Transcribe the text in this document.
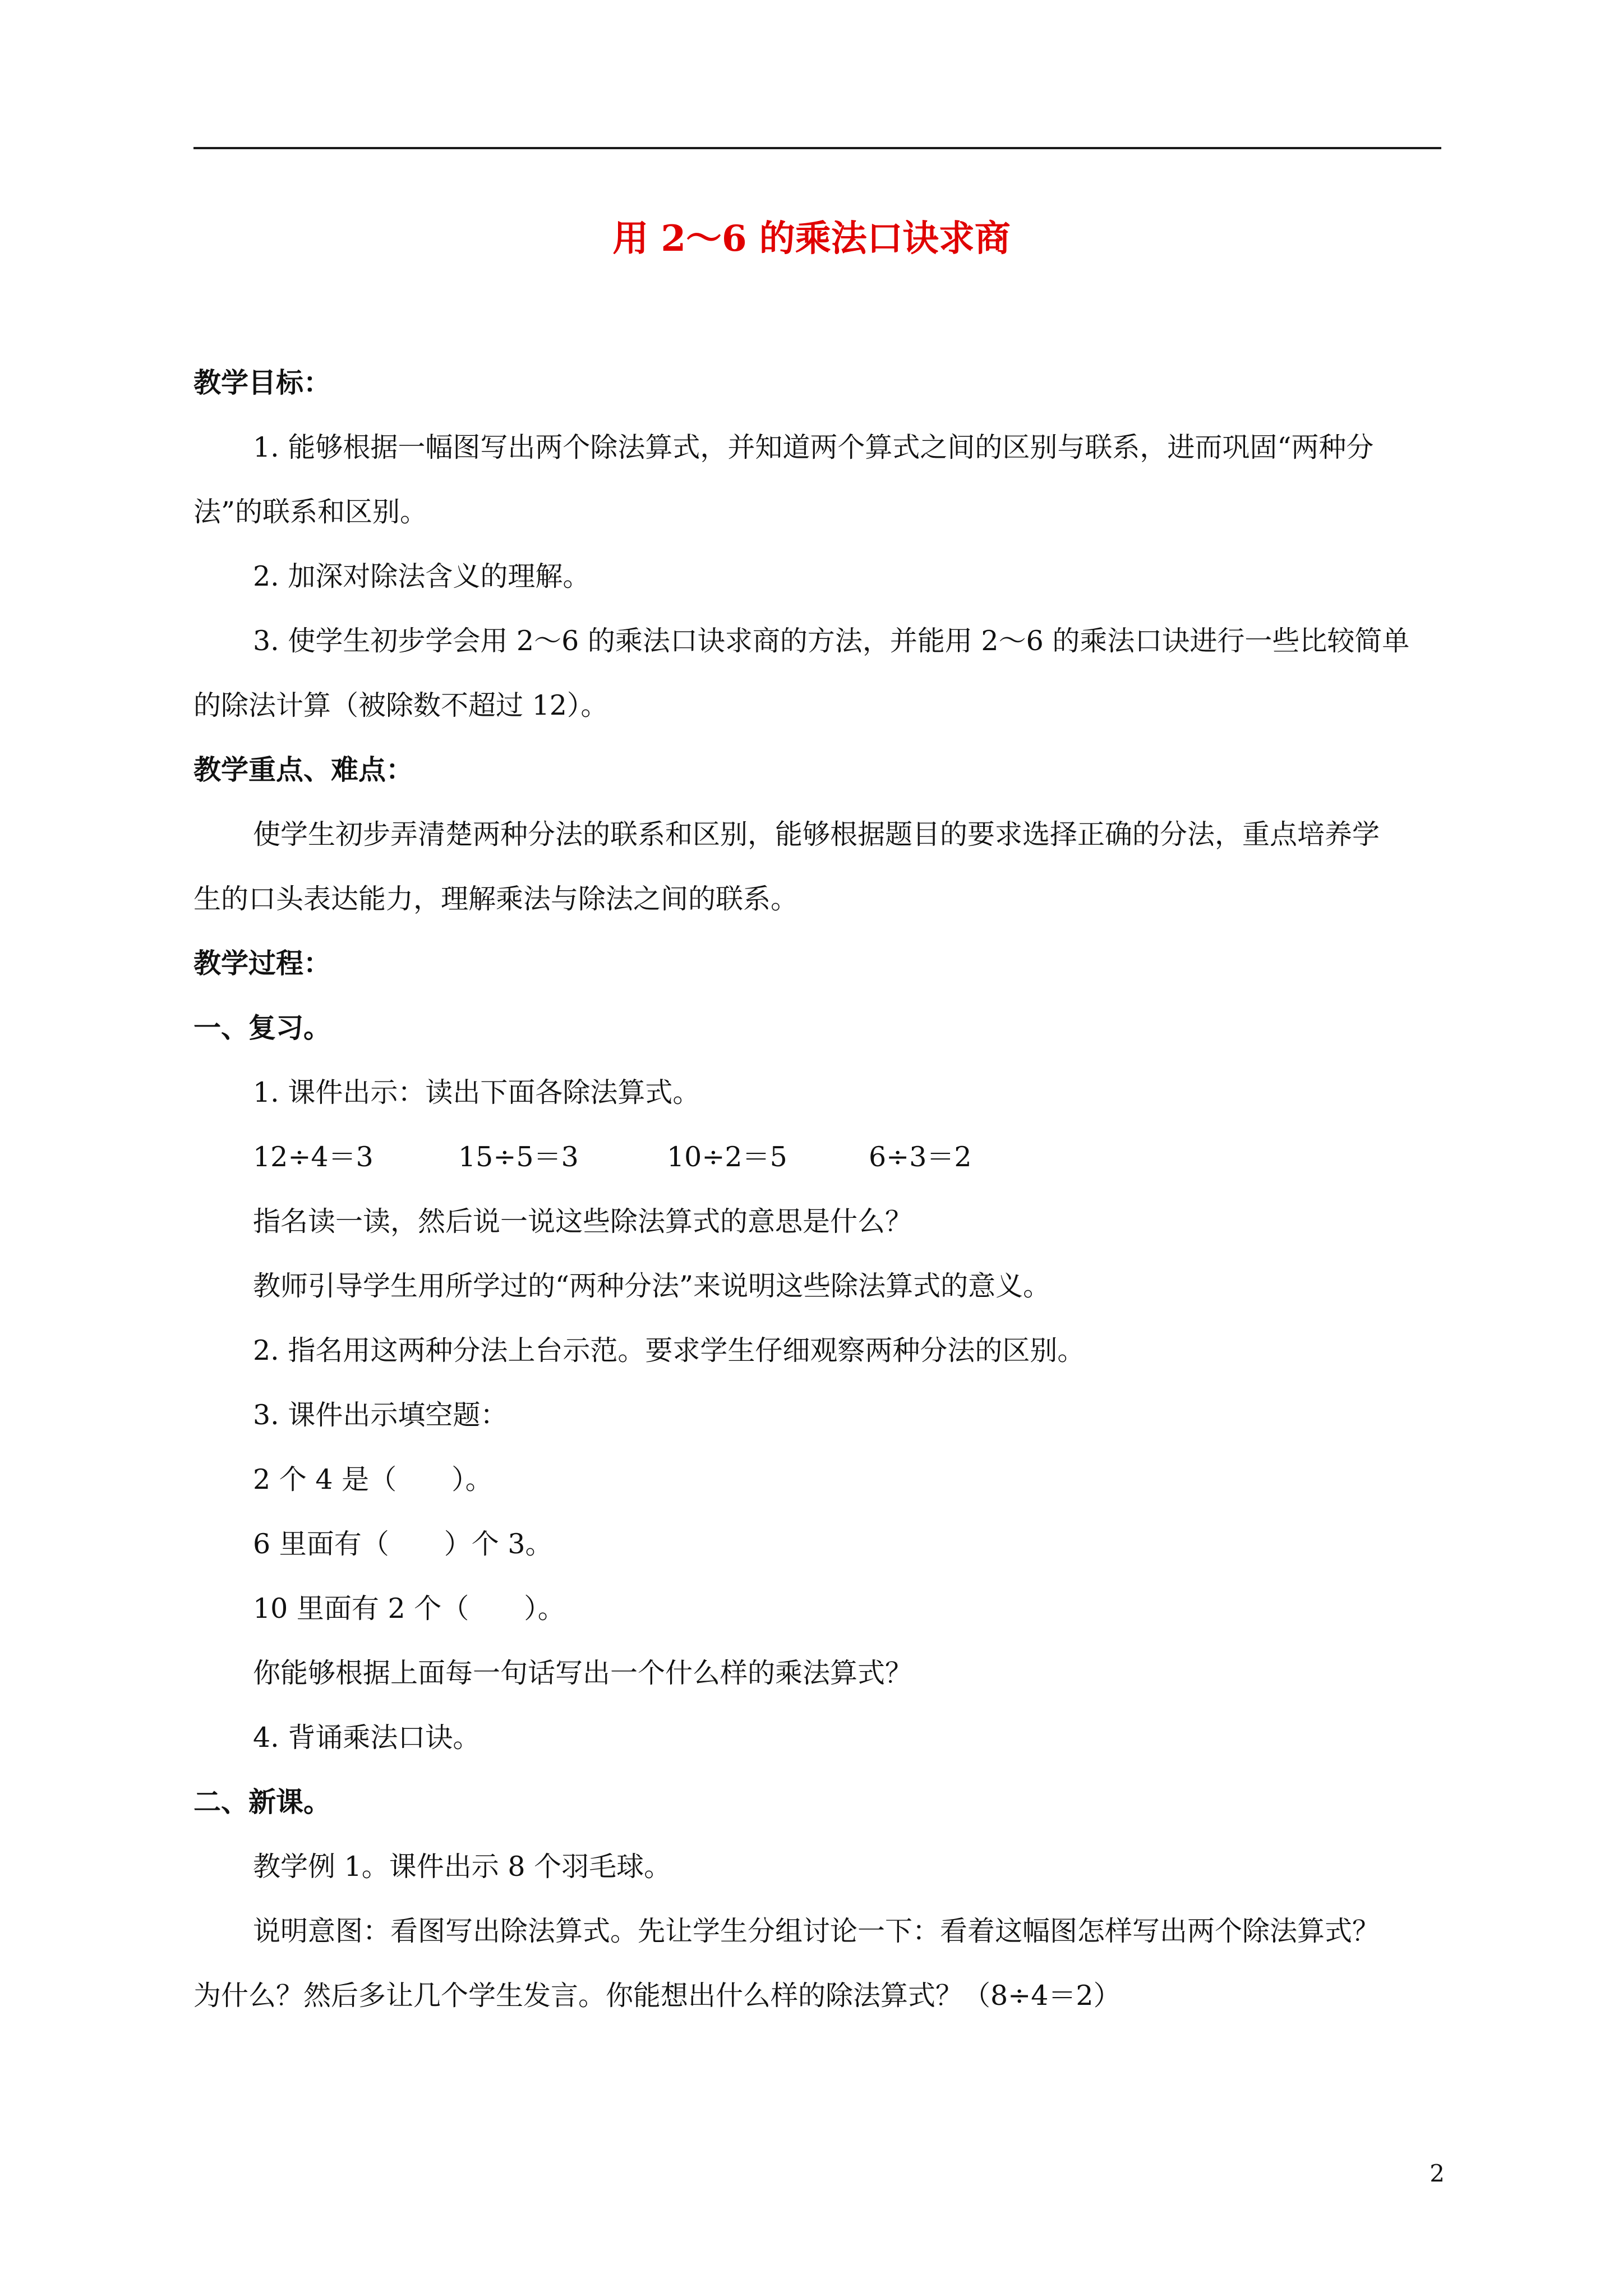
用 2～6 的乘法口诀求商
教学目标：
1. 能够根据一幅图写出两个除法算式，并知道两个算式之间的区别与联系，进而巩固“两种分
法”的联系和区别。
2. 加深对除法含义的理解。
3. 使学生初步学会用 2～6 的乘法口诀求商的方法，并能用 2～6 的乘法口诀进行一些比较简单
的除法计算（被除数不超过 12）。
教学重点、难点：
使学生初步弄清楚两种分法的联系和区别，能够根据题目的要求选择正确的分法，重点培养学
生的口头表达能力，理解乘法与除法之间的联系。
教学过程：
一、复习。
1. 课件出示：读出下面各除法算式。
12÷4＝3	15÷5＝3	10÷2＝5	6÷3＝2
指名读一读，然后说一说这些除法算式的意思是什么？
教师引导学生用所学过的“两种分法”来说明这些除法算式的意义。
2. 指名用这两种分法上台示范。要求学生仔细观察两种分法的区别。
3. 课件出示填空题：
2 个 4 是（　　）。
6 里面有（　　）个 3。
10 里面有 2 个（　　）。
你能够根据上面每一句话写出一个什么样的乘法算式？
4. 背诵乘法口诀。
二、新课。
教学例 1。课件出示 8 个羽毛球。
说明意图：看图写出除法算式。先让学生分组讨论一下：看着这幅图怎样写出两个除法算式？
为什么？然后多让几个学生发言。你能想出什么样的除法算式？（8÷4＝2）
2
